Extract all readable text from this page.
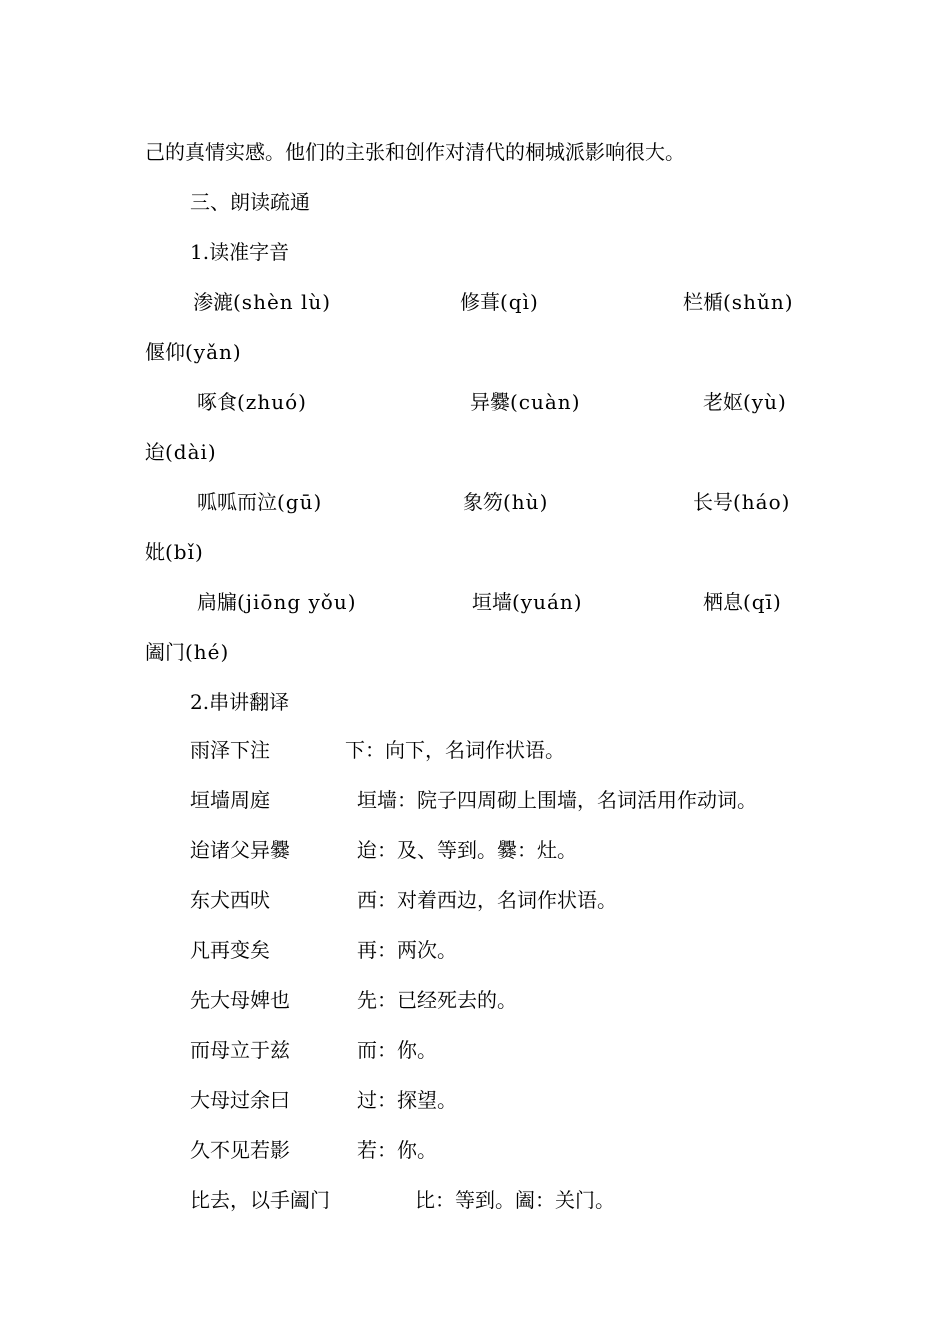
己的真情实感。他们的主张和创作对清代的桐城派影响很大。
三、朗读疏通
1.读准字音
渗漉(shèn lù)	修葺(qì)	栏楯(shǔn)
偃仰(yǎn)
啄食(zhuó)	异爨(cuàn)	老妪(yù)
迨(dài)
呱呱而泣(gū)	象笏(hù)	长号(háo)
妣(bǐ)
扃牖(jiōng yǒu)	垣墙(yuán)	栖息(qī)
阖门(hé)
2.串讲翻译
雨泽下注	下：向下，名词作状语。
垣墙周庭	垣墙：院子四周砌上围墙，名词活用作动词。
迨诸父异爨	迨：及、等到。爨：灶。
东犬西吠	西：对着西边，名词作状语。
凡再变矣	再：两次。
先大母婢也	先：已经死去的。
而母立于兹	而：你。
大母过余曰	过：探望。
久不见若影	若：你。
比去，以手阖门	比：等到。阖：关门。
